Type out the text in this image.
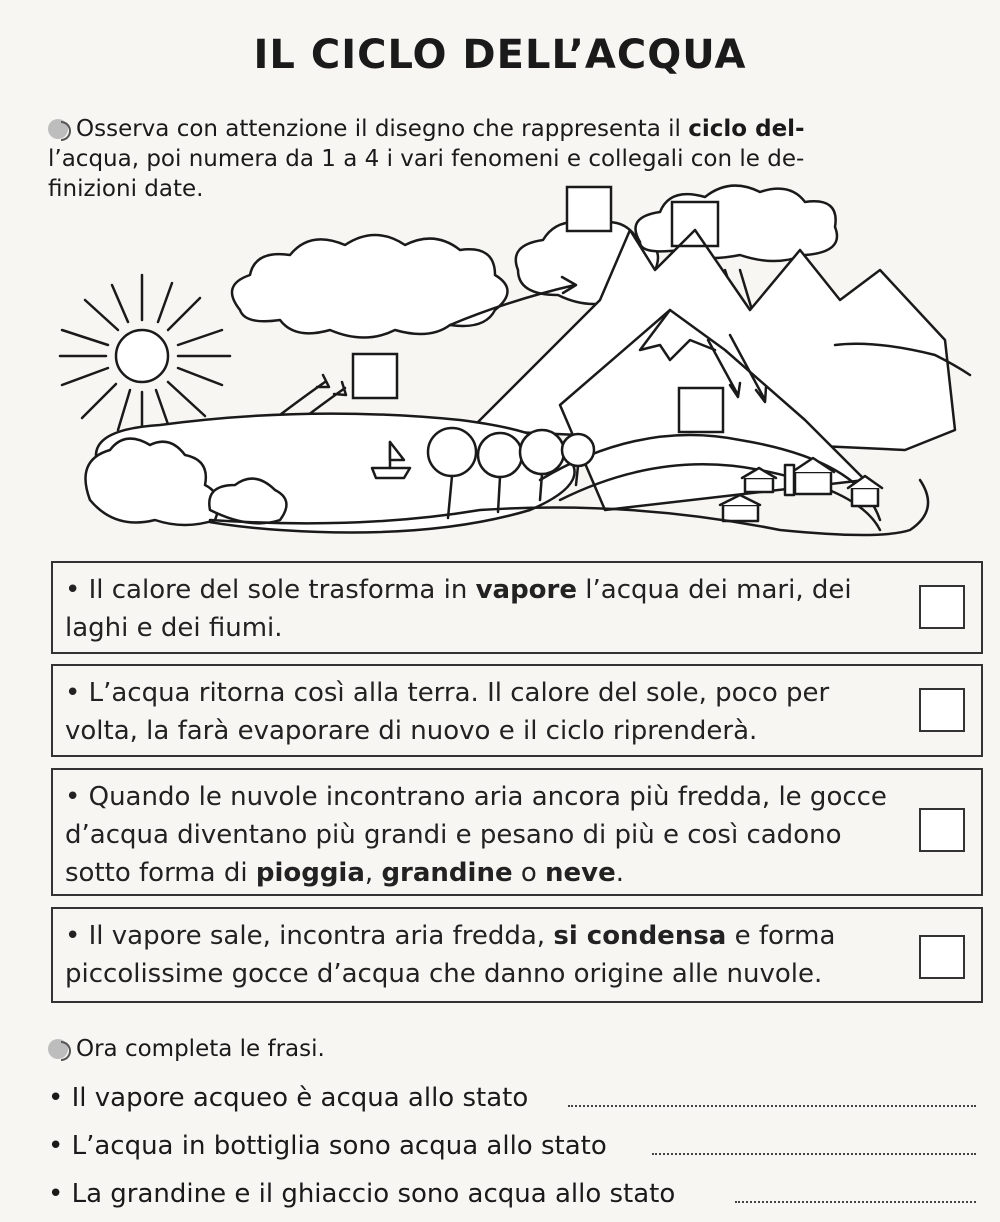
IL CICLO DELL’ACQUA
Osserva con attenzione il disegno che rappresenta il ciclo del-
l’acqua, poi numera da 1 a 4 i vari fenomeni e collegali con le de-
finizioni date.
• Il calore del sole trasforma in vapore l’acqua dei mari, dei laghi e dei fiumi.
• L’acqua ritorna così alla terra. Il calore del sole, poco per volta, la farà evaporare di nuovo e il ciclo riprenderà.
• Quando le nuvole incontrano aria ancora più fredda, le gocce d’acqua diventano più grandi e pesano di più e così cadono sotto forma di pioggia, grandine o neve.
• Il vapore sale, incontra aria fredda, si condensa e forma piccolissime gocce d’acqua che danno origine alle nuvole.
Ora completa le frasi.
• Il vapore acqueo è acqua allo stato
• L’acqua in bottiglia sono acqua allo stato
• La grandine e il ghiaccio sono acqua allo stato
